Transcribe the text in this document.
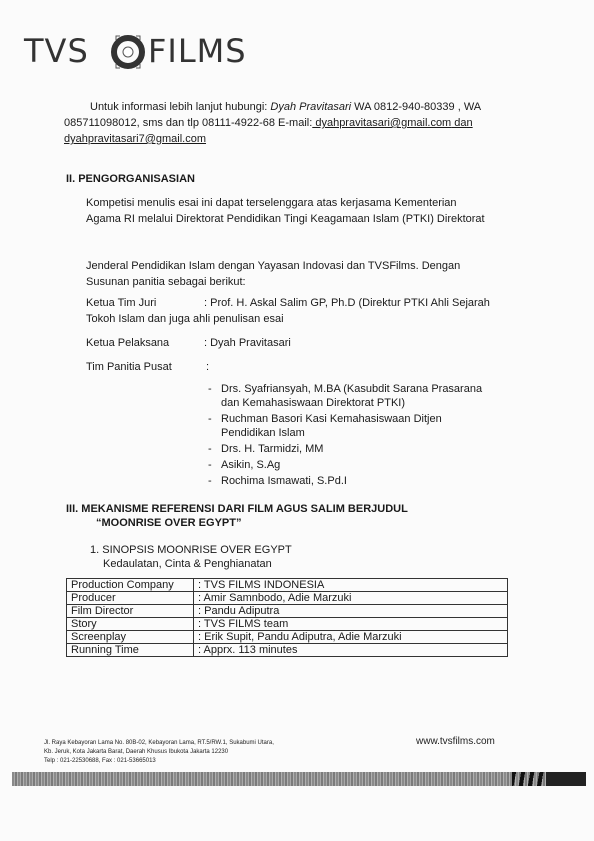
TVS FILMS
Untuk informasi lebih lanjut hubungi: Dyah Pravitasari WA 0812-940-80339 , WA
085711098012, sms dan tlp 08111-4922-68 E-mail: dyahpravitasari@gmail.com dan
dyahpravitasari7@gmail.com
II. PENGORGANISASIAN
Kompetisi menulis esai ini dapat terselenggara atas kerjasama Kementerian
Agama RI melalui Direktorat Pendidikan Tingi Keagamaan Islam (PTKI) Direktorat
Jenderal Pendidikan Islam dengan Yayasan Indovasi dan TVSFilms. Dengan
Susunan panitia sebagai berikut:
Ketua Tim Juri	: Prof. H. Askal Salim GP, Ph.D (Direktur PTKI Ahli Sejarah
Tokoh Islam dan juga ahli penulisan esai
Ketua Pelaksana	: Dyah Pravitasari
Tim Panitia Pusat	:
- Drs. Syafriansyah, M.BA (Kasubdit Sarana Prasarana
dan Kemahasiswaan Direktorat PTKI)
- Ruchman Basori Kasi Kemahasiswaan Ditjen
Pendidikan Islam
- Drs. H. Tarmidzi, MM
- Asikin, S.Ag
- Rochima Ismawati, S.Pd.I
III. MEKANISME REFERENSI DARI FILM AGUS SALIM BERJUDUL
“MOONRISE OVER EGYPT”
1. SINOPSIS MOONRISE OVER EGYPT
Kedaulatan, Cinta & Penghianatan
Production Company	: TVS FILMS INDONESIA
Producer	: Amir Samnbodo, Adie Marzuki
Film Director	: Pandu Adiputra
Story	: TVS FILMS team
Screenplay	: Erik Supit, Pandu Adiputra, Adie Marzuki
Running Time	: Apprx. 113 minutes
Jl. Raya Kebayoran Lama No. 80B-02, Kebayoran Lama, RT.5/RW.1, Sukabumi Utara,
Kb. Jeruk, Kota Jakarta Barat, Daerah Khusus Ibukota Jakarta 12230
Telp : 021-22530688, Fax : 021-53665013
www.tvsfilms.com
